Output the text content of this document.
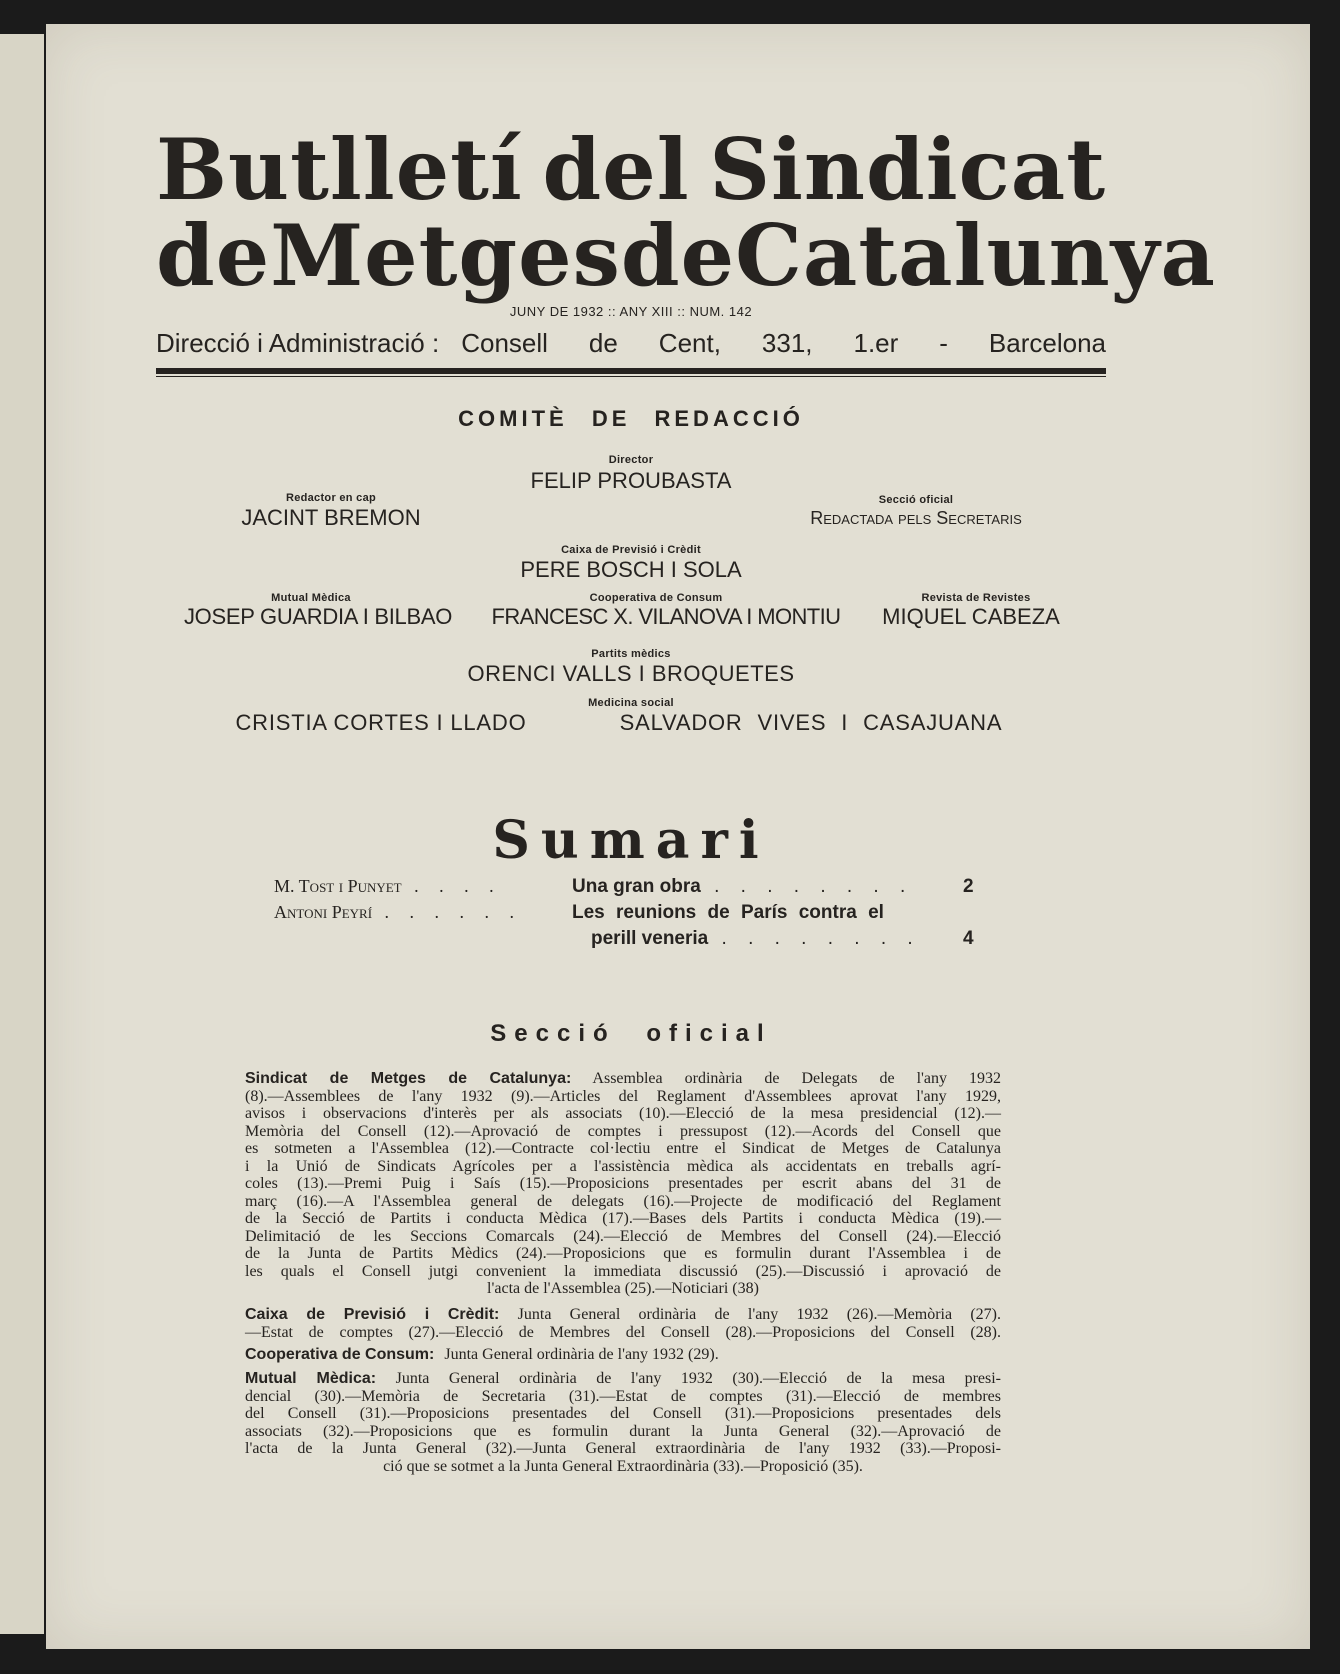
Butlletí del Sindicat
de Metges de Catalunya
JUNY DE 1932 :: ANY XIII :: NUM. 142
Direcció i Administració : Consell de Cent, 331, 1.er - Barcelona
COMITÈ DE REDACCIÓ
Director
FELIP PROUBASTA
Redactor en cap
JACINT BREMON
Secció oficial
Redactada pels Secretaris
Caixa de Previsió i Crèdit
PERE BOSCH I SOLA
Mutual Mèdica
JOSEP GUARDIA I BILBAO
Cooperativa de Consum
FRANCESC X. VILANOVA I MONTIU
Revista de Revistes
MIQUEL CABEZA
Partits mèdics
ORENCI VALLS I BROQUETES
Medicina social
CRISTIA CORTES I LLADO	SALVADOR VIVES I CASAJUANA
Sumari
M. Tost i Punyet . . . .	Una gran obra . . . . . . . .	2
Antoni Peyrí . . . . . .	Les reunions de París contra el
perill veneria . . . . . . . . 4
Secció oficial
Sindicat de Metges de Catalunya: Assemblea ordinària de Delegats de l'any 1932
(8).—Assemblees de l'any 1932 (9).—Articles del Reglament d'Assemblees aprovat l'any 1929,
avisos i observacions d'interès per als associats (10).—Elecció de la mesa presidencial (12).—
Memòria del Consell (12).—Aprovació de comptes i pressupost (12).—Acords del Consell que
es sotmeten a l'Assemblea (12).—Contracte col·lectiu entre el Sindicat de Metges de Catalunya
i la Unió de Sindicats Agrícoles per a l'assistència mèdica als accidentats en treballs agrí-
coles (13).—Premi Puig i Saís (15).—Proposicions presentades per escrit abans del 31 de
març (16).—A l'Assemblea general de delegats (16).—Projecte de modificació del Reglament
de la Secció de Partits i conducta Mèdica (17).—Bases dels Partits i conducta Mèdica (19).—
Delimitació de les Seccions Comarcals (24).—Elecció de Membres del Consell (24).—Elecció
de la Junta de Partits Mèdics (24).—Proposicions que es formulin durant l'Assemblea i de
les quals el Consell jutgi convenient la immediata discussió (25).—Discussió i aprovació de
l'acta de l'Assemblea (25).—Noticiari (38)
Caixa de Previsió i Crèdit: Junta General ordinària de l'any 1932 (26).—Memòria (27).
—Estat de comptes (27).—Elecció de Membres del Consell (28).—Proposicions del Consell (28).
Cooperativa de Consum: Junta General ordinària de l'any 1932 (29).
Mutual Mèdica: Junta General ordinària de l'any 1932 (30).—Elecció de la mesa presi-
dencial (30).—Memòria de Secretaria (31).—Estat de comptes (31).—Elecció de membres
del Consell (31).—Proposicions presentades del Consell (31).—Proposicions presentades dels
associats (32).—Proposicions que es formulin durant la Junta General (32).—Aprovació de
l'acta de la Junta General (32).—Junta General extraordinària de l'any 1932 (33).—Proposi-
ció que se sotmet a la Junta General Extraordinària (33).—Proposició (35).
